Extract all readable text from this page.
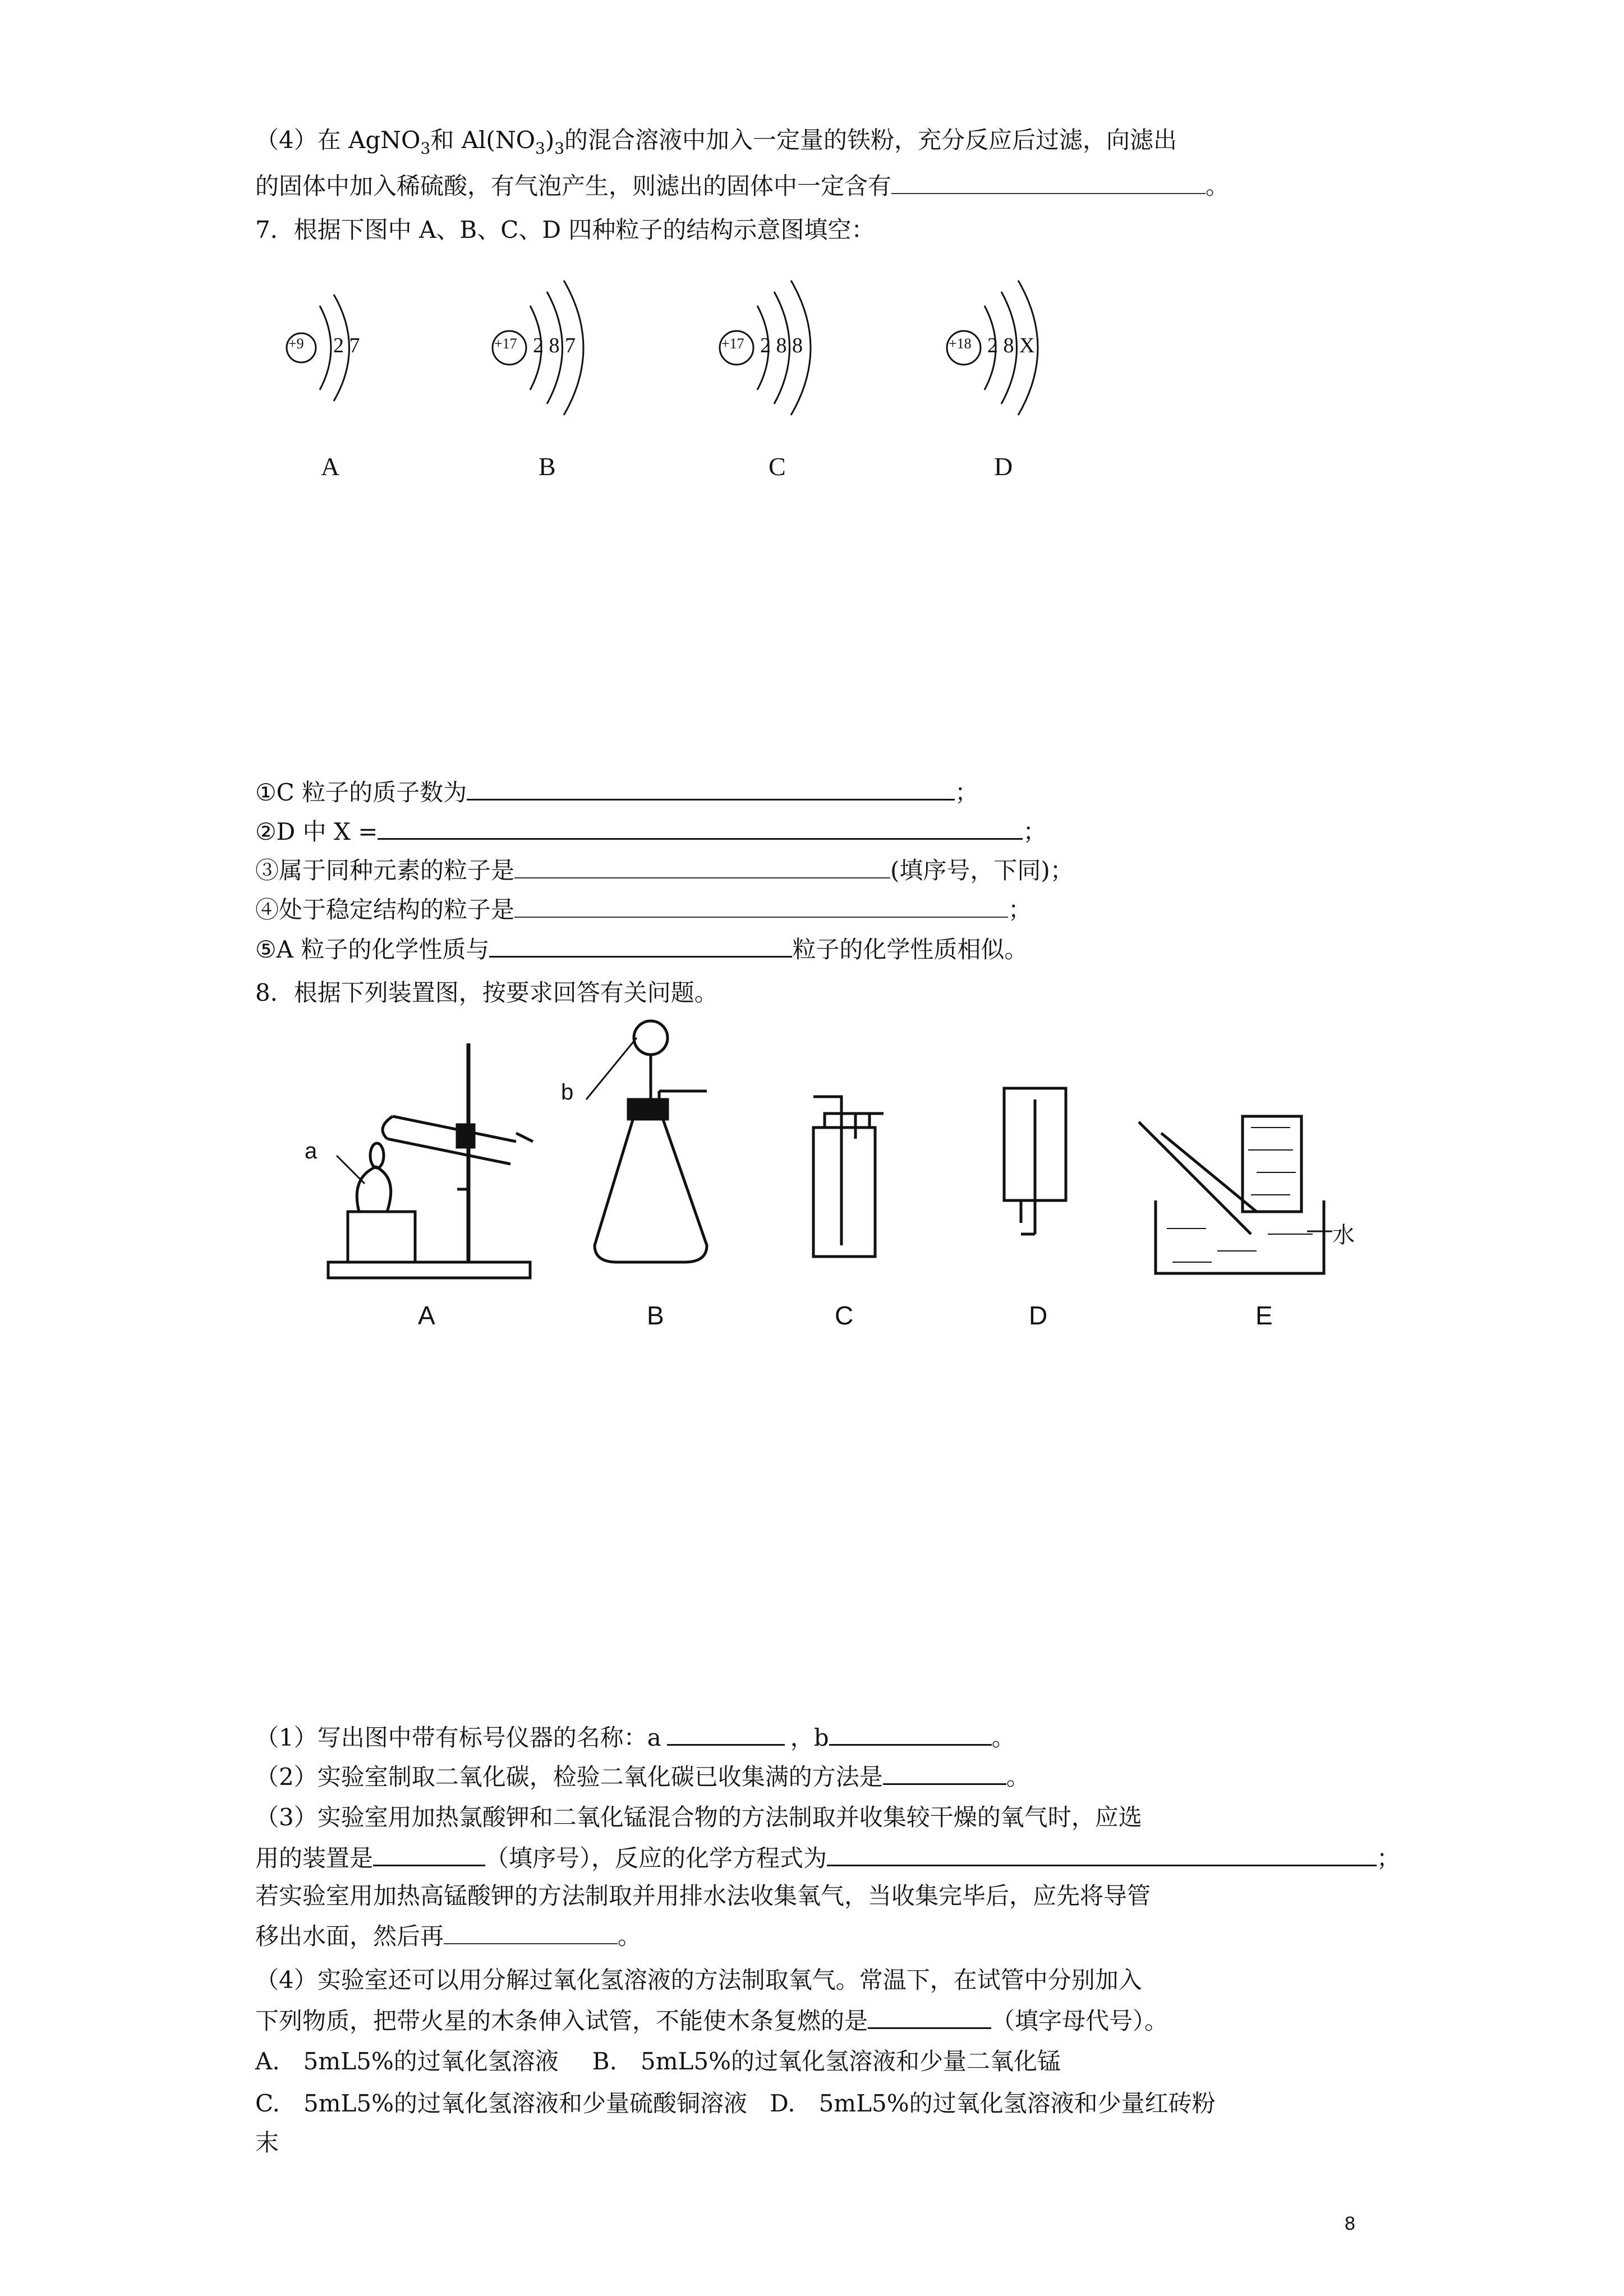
（4）在 AgNO$_3$和 $Al(NO_3)_3$的混合溶液中加入一定量的铁粉，充分反应后过滤，向滤出
的固体中加入稀硫酸，有气泡产生，则滤出的固体中一定含有	。
7．根据下图中 A、B、C、D 四种粒子的结构示意图填空：
+9 2 7	+17 2 8 7	+17 2 8 8	+18 2 8 X
A	B	C	D
①C 粒子的质子数为	；
②D 中 X =	；
③属于同种元素的粒子是	(填序号，下同)；
④处于稳定结构的粒子是	；
⑤A 粒子的化学性质与	粒子的化学性质相似。
8．根据下列装置图，按要求回答有关问题。
a
b
水
A	B	C	D	E
（1）写出图中带有标号仪器的名称：a	，b	。
（2）实验室制取二氧化碳，检验二氧化碳已收集满的方法是	。
（3）实验室用加热氯酸钾和二氧化锰混合物的方法制取并收集较干燥的氧气时，应选
用的装置是	（填序号），反应的化学方程式为	；
若实验室用加热高锰酸钾的方法制取并用排水法收集氧气，当收集完毕后，应先将导管
移出水面，然后再	。
（4）实验室还可以用分解过氧化氢溶液的方法制取氧气。常温下，在试管中分别加入
下列物质，把带火星的木条伸入试管，不能使木条复燃的是	（填字母代号）。
A.　5mL5%的过氧化氢溶液 B.　5mL5%的过氧化氢溶液和少量二氧化锰
C.　5mL5%的过氧化氢溶液和少量硫酸铜溶液 D.　5mL5%的过氧化氢溶液和少量红砖粉
末
8
